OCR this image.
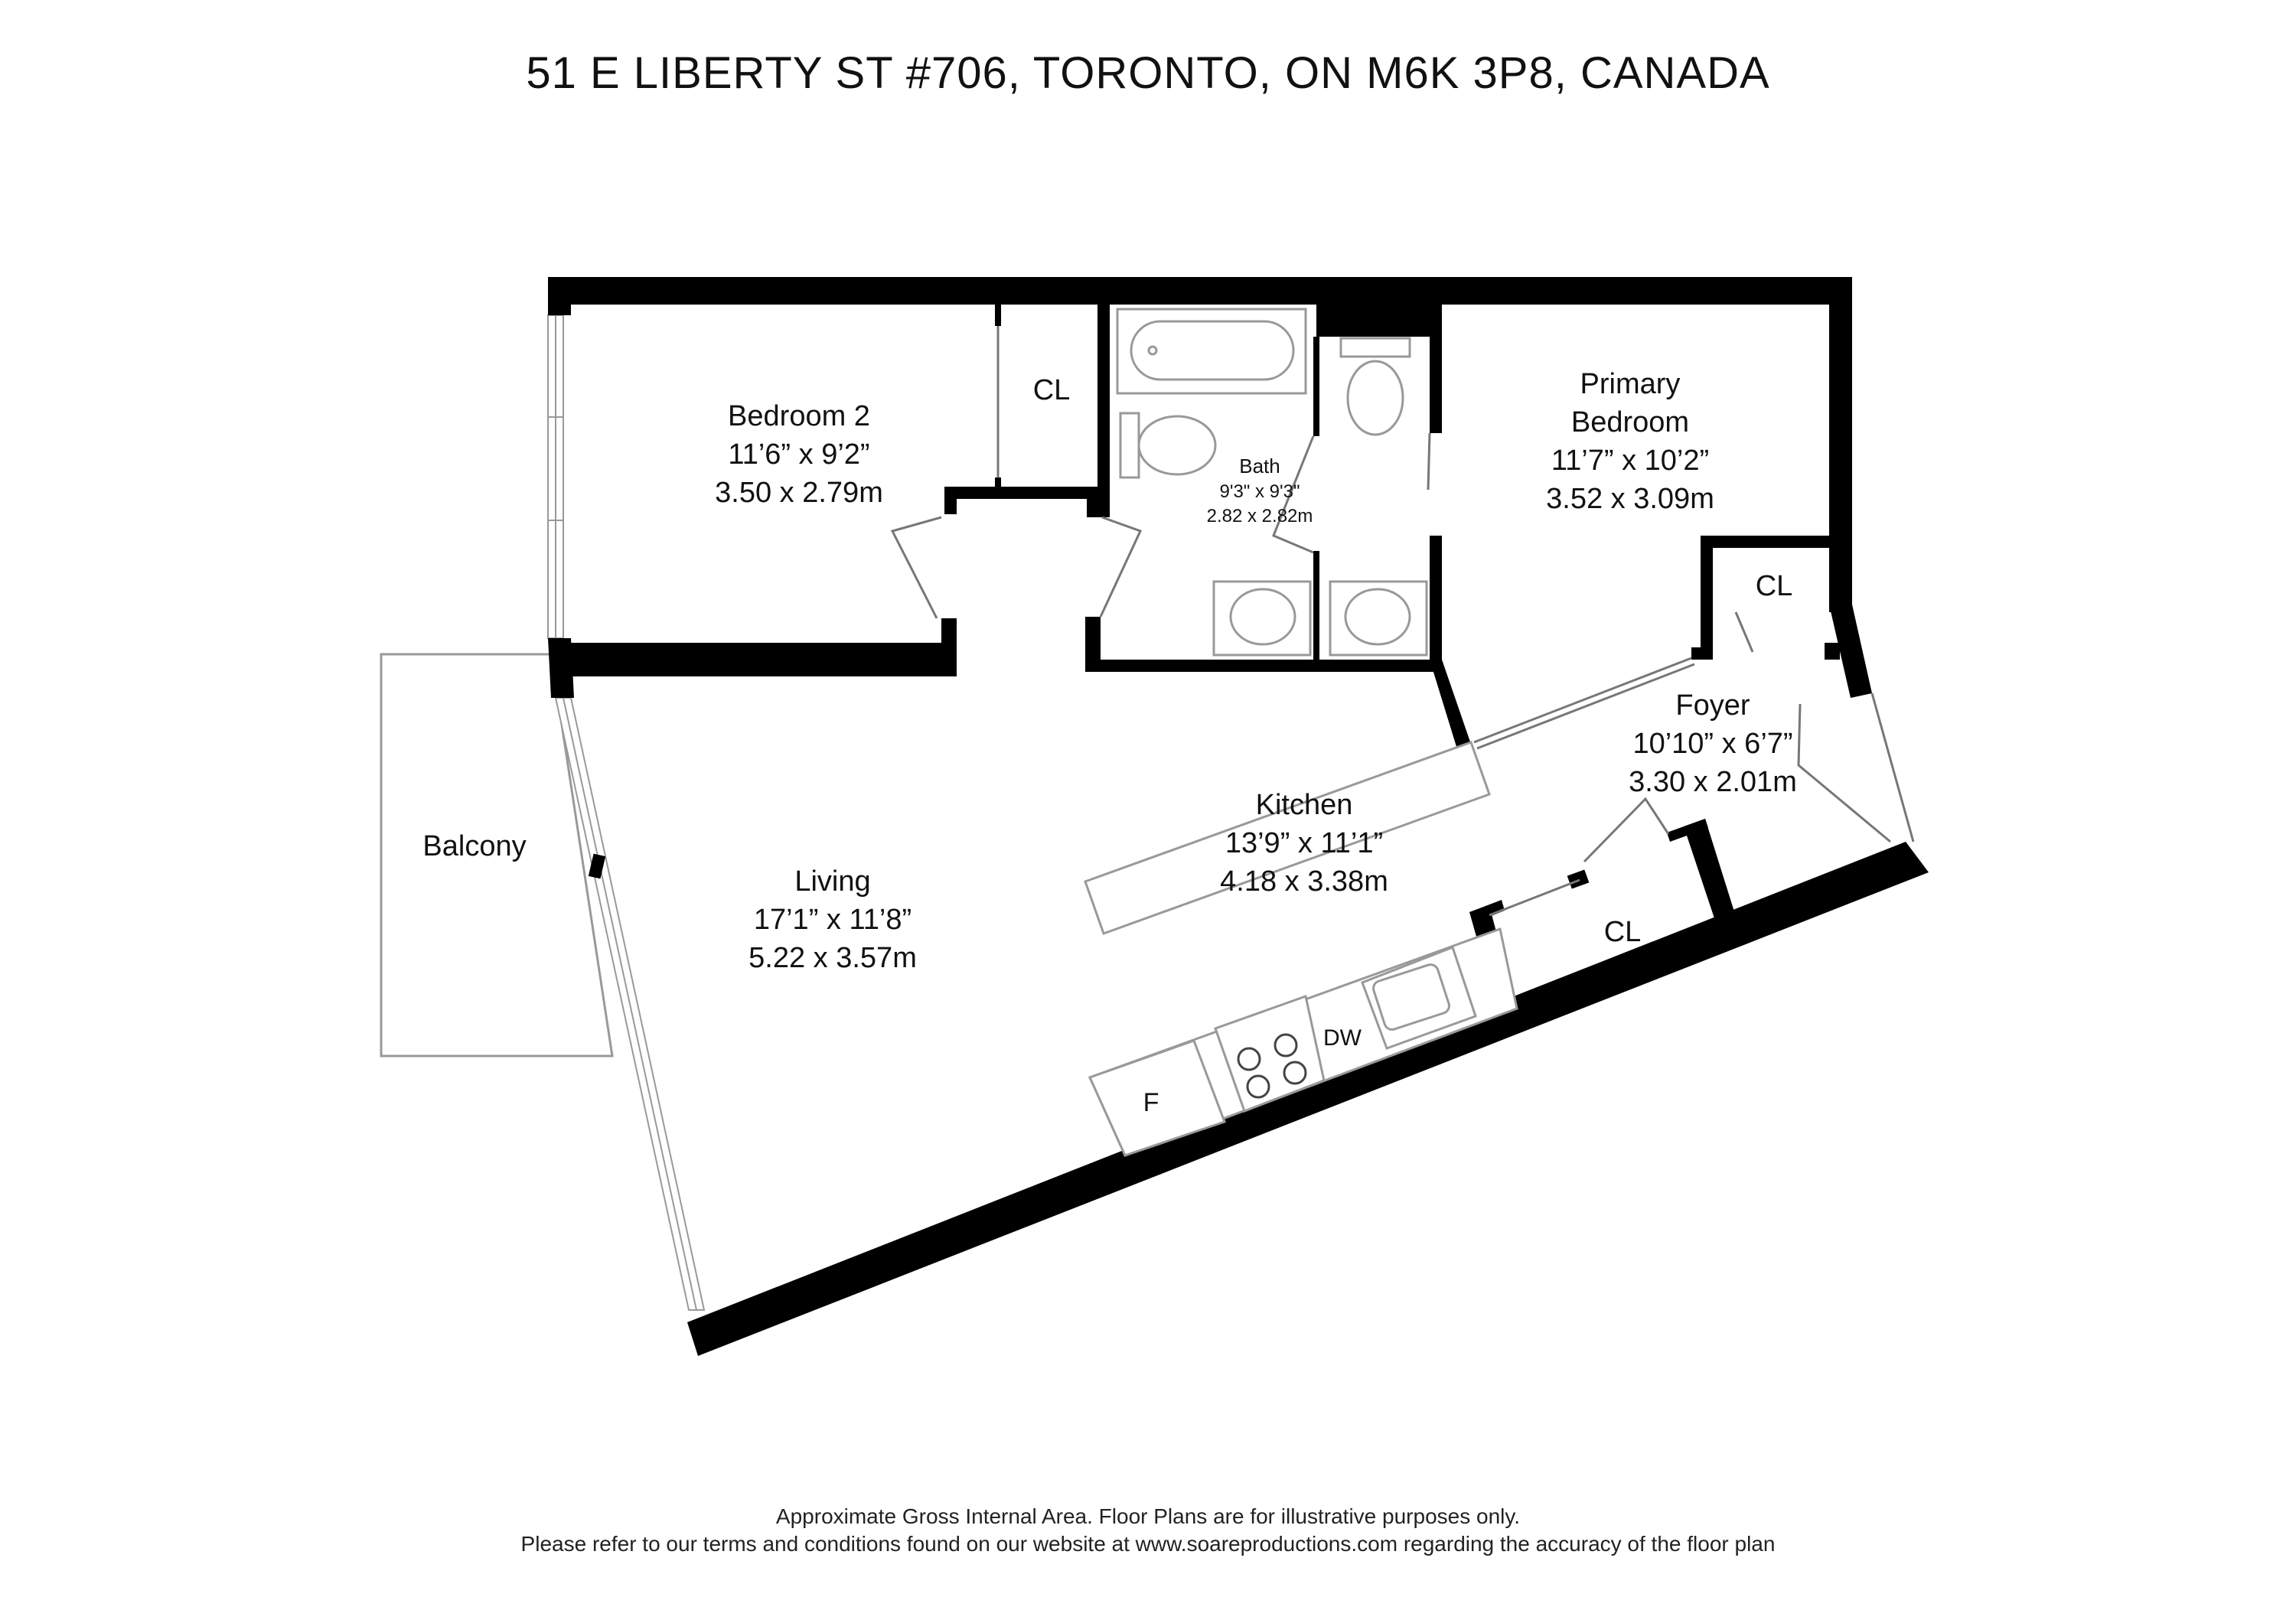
51 E LIBERTY ST #706, TORONTO, ON M6K 3P8, CANADA
Bedroom 2
11’6” x 9’2”
3.50 x 2.79m
CL
Bath
9'3" x 9'3"
2.82 x 2.82m
Primary
Bedroom
11’7” x 10’2”
3.52 x 3.09m
CL
Foyer
10’10” x 6’7”
3.30 x 2.01m
Kitchen
13’9” x 11’1”
4.18 x 3.38m
Living
17’1” x 11’8”
5.22 x 3.57m
Balcony
CL
F
DW
Approximate Gross Internal Area. Floor Plans are for illustrative purposes only.
Please refer to our terms and conditions found on our website at www.soareproductions.com regarding the accuracy of the floor plan
